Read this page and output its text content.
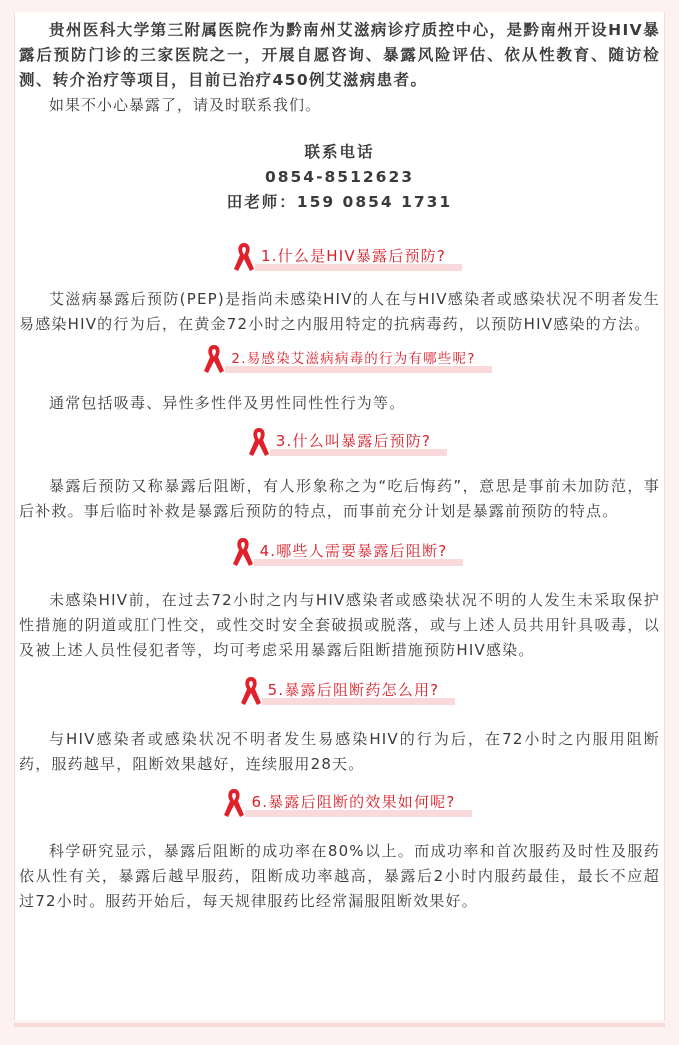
贵州医科大学第三附属医院作为黔南州艾滋病诊疗质控中心，是黔南州开设HIV暴露后预防门诊的三家医院之一，开展自愿咨询、暴露风险评估、依从性教育、随访检测、转介治疗等项目，目前已治疗450例艾滋病患者。

如果不小心暴露了，请及时联系我们。

联系电话
0854-8512623
田老师：159 0854 1731
1.什么是HIV暴露后预防?

艾滋病暴露后预防(PEP)是指尚未感染HIV的人在与HIV感染者或感染状况不明者发生易感染HIV的行为后，在黄金72小时之内服用特定的抗病毒药，以预防HIV感染的方法。

2.易感染艾滋病病毒的行为有哪些呢?

通常包括吸毒、异性多性伴及男性同性性行为等。

3.什么叫暴露后预防?

暴露后预防又称暴露后阻断，有人形象称之为“吃后悔药”，意思是事前未加防范，事后补救。事后临时补救是暴露后预防的特点，而事前充分计划是暴露前预防的特点。

4.哪些人需要暴露后阻断?

未感染HIV前，在过去72小时之内与HIV感染者或感染状况不明的人发生未采取保护性措施的阴道或肛门性交，或性交时安全套破损或脱落，或与上述人员共用针具吸毒，以及被上述人员性侵犯者等，均可考虑采用暴露后阻断措施预防HIV感染。

5.暴露后阻断药怎么用?

与HIV感染者或感染状况不明者发生易感染HIV的行为后，在72小时之内服用阻断药，服药越早，阻断效果越好，连续服用28天。

6.暴露后阻断的效果如何呢?

科学研究显示，暴露后阻断的成功率在80%以上。而成功率和首次服药及时性及服药依从性有关，暴露后越早服药，阻断成功率越高，暴露后2小时内服药最佳，最长不应超过72小时。服药开始后，每天规律服药比经常漏服阻断效果好。
